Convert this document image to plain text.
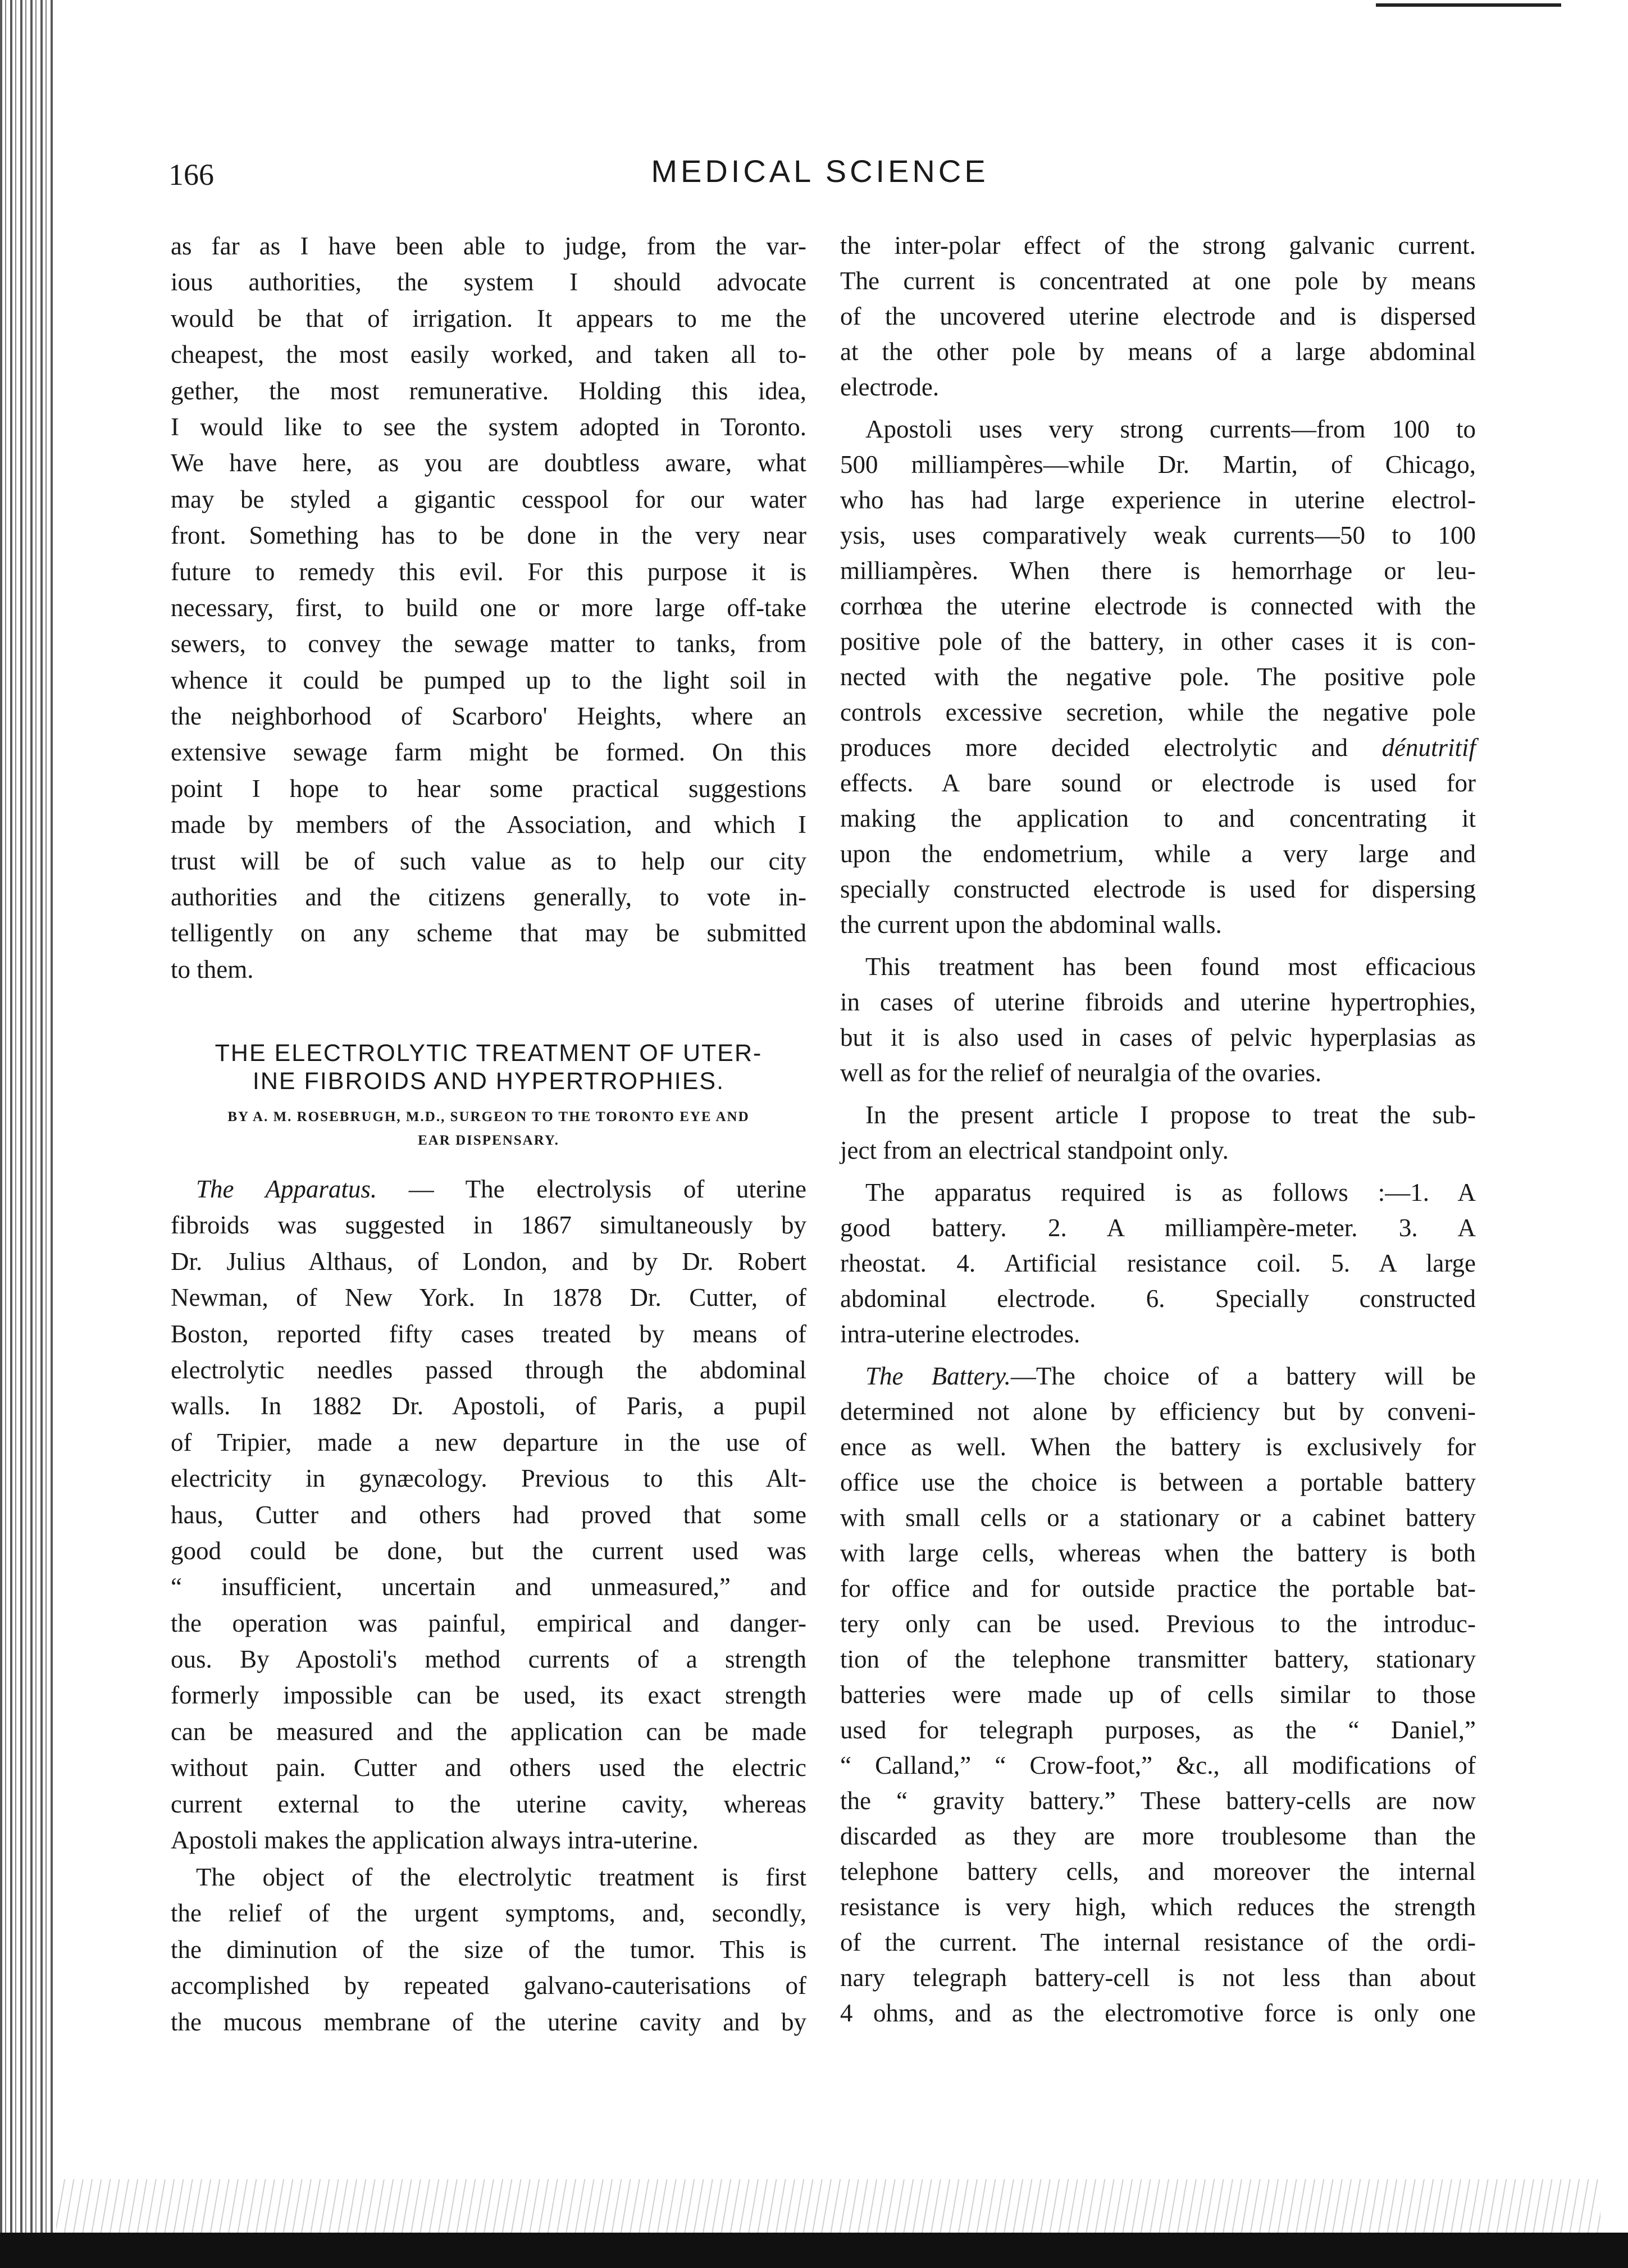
166	MEDICAL SCIENCE
as far as I have been able to judge, from the var-
ious authorities, the system I should advocate
would be that of irrigation. It appears to me the
cheapest, the most easily worked, and taken all to-
gether, the most remunerative. Holding this idea,
I would like to see the system adopted in Toronto.
We have here, as you are doubtless aware, what
may be styled a gigantic cesspool for our water
front. Something has to be done in the very near
future to remedy this evil. For this purpose it is
necessary, first, to build one or more large off-take
sewers, to convey the sewage matter to tanks, from
whence it could be pumped up to the light soil in
the neighborhood of Scarboro' Heights, where an
extensive sewage farm might be formed. On this
point I hope to hear some practical suggestions
made by members of the Association, and which I
trust will be of such value as to help our city
authorities and the citizens generally, to vote in-
telligently on any scheme that may be submitted
to them.
The Apparatus. — The electrolysis of uterine
fibroids was suggested in 1867 simultaneously by
Dr. Julius Althaus, of London, and by Dr. Robert
Newman, of New York. In 1878 Dr. Cutter, of
Boston, reported fifty cases treated by means of
electrolytic needles passed through the abdominal
walls. In 1882 Dr. Apostoli, of Paris, a pupil
of Tripier, made a new departure in the use of
electricity in gynæcology. Previous to this Alt-
haus, Cutter and others had proved that some
good could be done, but the current used was
“ insufficient, uncertain and unmeasured,” and
the operation was painful, empirical and danger-
ous. By Apostoli's method currents of a strength
formerly impossible can be used, its exact strength
can be measured and the application can be made
without pain. Cutter and others used the electric
current external to the uterine cavity, whereas
Apostoli makes the application always intra-uterine.
The object of the electrolytic treatment is first
the relief of the urgent symptoms, and, secondly,
the diminution of the size of the tumor. This is
accomplished by repeated galvano-cauterisations of
the mucous membrane of the uterine cavity and by
the inter-polar effect of the strong galvanic current.
The current is concentrated at one pole by means
of the uncovered uterine electrode and is dispersed
at the other pole by means of a large abdominal
electrode.
Apostoli uses very strong currents—from 100 to
500 milliampères—while Dr. Martin, of Chicago,
who has had large experience in uterine electrol-
ysis, uses comparatively weak currents—50 to 100
milliampères. When there is hemorrhage or leu-
corrhœa the uterine electrode is connected with the
positive pole of the battery, in other cases it is con-
nected with the negative pole. The positive pole
controls excessive secretion, while the negative pole
produces more decided electrolytic and dénutritif
effects. A bare sound or electrode is used for
making the application to and concentrating it
upon the endometrium, while a very large and
specially constructed electrode is used for dispersing
the current upon the abdominal walls.
This treatment has been found most efficacious
in cases of uterine fibroids and uterine hypertrophies,
but it is also used in cases of pelvic hyperplasias as
well as for the relief of neuralgia of the ovaries.
In the present article I propose to treat the sub-
ject from an electrical standpoint only.
The apparatus required is as follows :—1. A
good battery. 2. A milliampère-meter. 3. A
rheostat. 4. Artificial resistance coil. 5. A large
abdominal electrode. 6. Specially constructed
intra-uterine electrodes.
The Battery.—The choice of a battery will be
determined not alone by efficiency but by conveni-
ence as well. When the battery is exclusively for
office use the choice is between a portable battery
with small cells or a stationary or a cabinet battery
with large cells, whereas when the battery is both
for office and for outside practice the portable bat-
tery only can be used. Previous to the introduc-
tion of the telephone transmitter battery, stationary
batteries were made up of cells similar to those
used for telegraph purposes, as the “ Daniel,”
“ Calland,” “ Crow-foot,” &c., all modifications of
the “ gravity battery.” These battery-cells are now
discarded as they are more troublesome than the
telephone battery cells, and moreover the internal
resistance is very high, which reduces the strength
of the current. The internal resistance of the ordi-
nary telegraph battery-cell is not less than about
4 ohms, and as the electromotive force is only one
THE ELECTROLYTIC TREATMENT OF UTER-
INE FIBROIDS AND HYPERTROPHIES.
BY A. M. ROSEBRUGH, M.D., SURGEON TO THE TORONTO EYE AND
EAR DISPENSARY.
